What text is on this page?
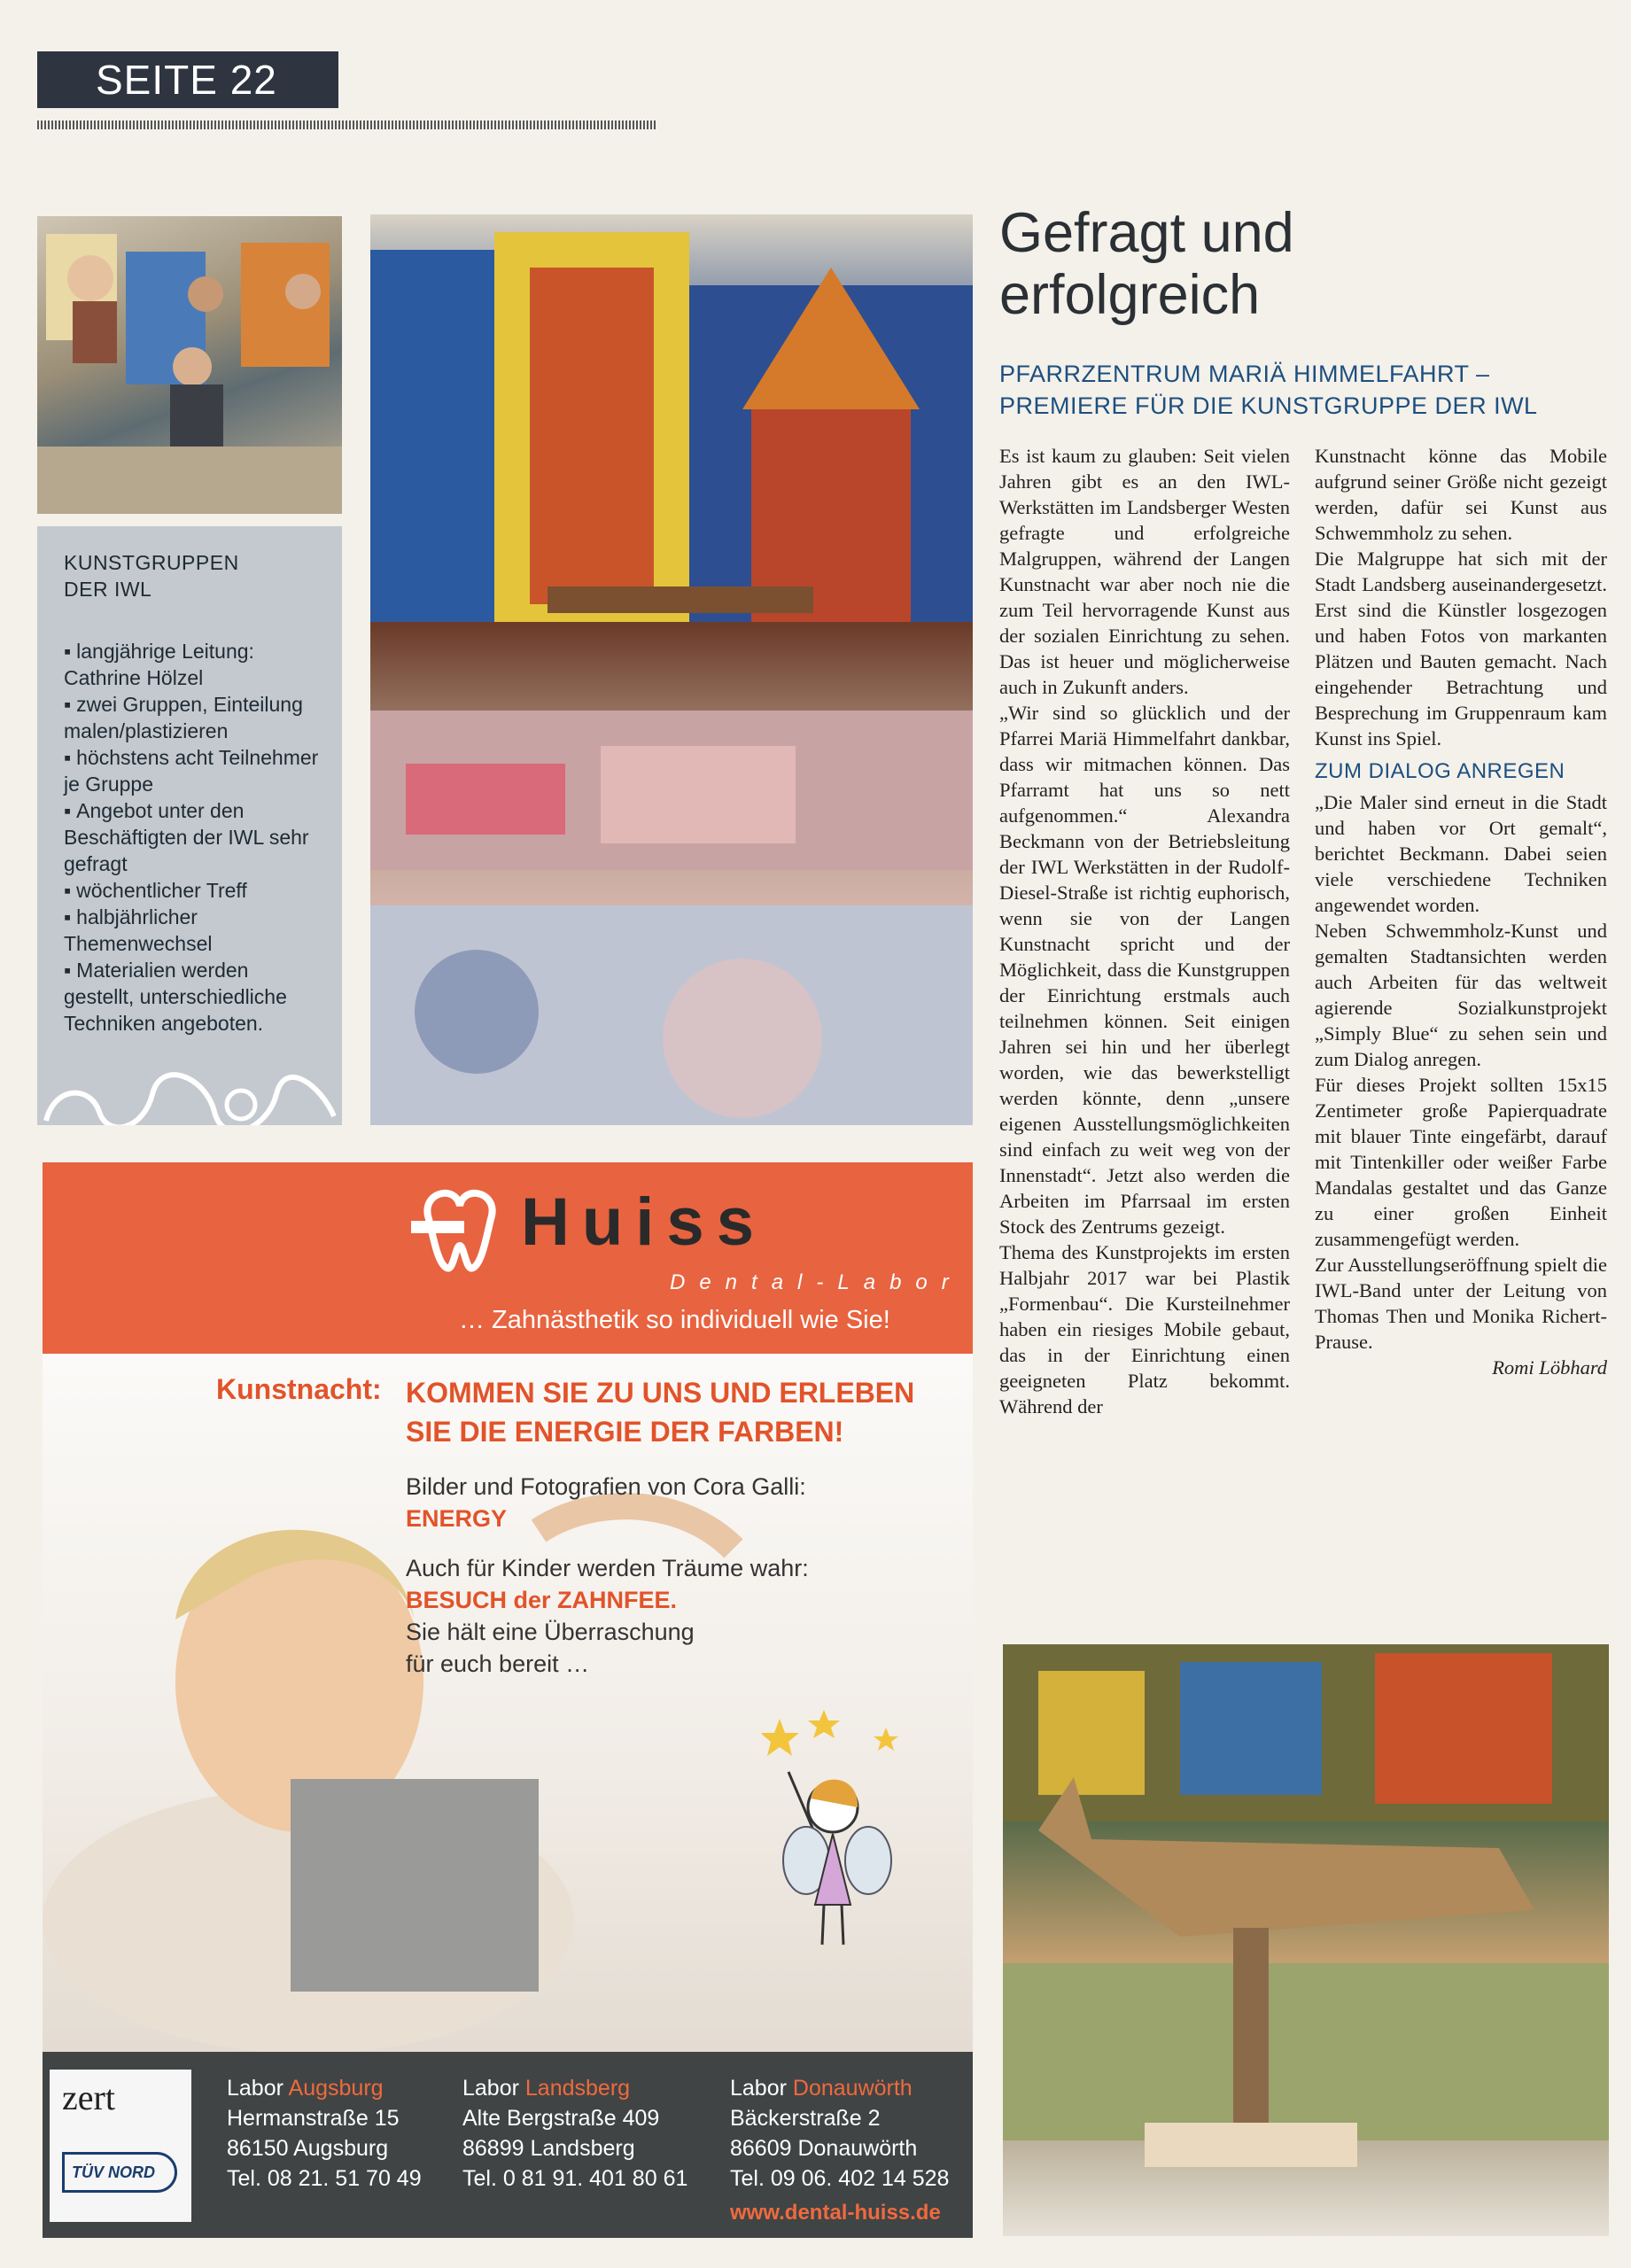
SEITE 22
KUNSTGRUPPEN
DER IWL
▪ langjährige Leitung: Cathrine Hölzel
▪ zwei Gruppen, Einteilung malen/plastizieren
▪ höchstens acht Teilnehmer je Gruppe
▪ Angebot unter den Beschäftigten der IWL sehr gefragt
▪ wöchentlicher Treff
▪ halbjährlicher Themenwechsel
▪ Materialien werden gestellt, unterschiedliche Techniken angeboten.
Gefragt und
erfolgreich
PFARRZENTRUM MARIÄ HIMMELFAHRT –
PREMIERE FÜR DIE KUNSTGRUPPE DER IWL

Es ist kaum zu glauben: Seit vielen Jahren gibt es an den IWL-Werkstätten im Landsberger Westen gefragte und erfolgreiche Malgruppen, während der Langen Kunstnacht war aber noch nie die zum Teil hervorragende Kunst aus der sozialen Einrichtung zu sehen. Das ist heuer und möglicherweise auch in Zukunft anders.

„Wir sind so glücklich und der Pfarrei Mariä Himmelfahrt dankbar, dass wir mitmachen können. Das Pfarramt hat uns so nett aufgenommen.“ Alexandra Beckmann von der Betriebsleitung der IWL Werkstätten in der Rudolf-Diesel-Straße ist richtig euphorisch, wenn sie von der Langen Kunstnacht spricht und der Möglichkeit, dass die Kunstgruppen der Einrichtung erstmals auch teilnehmen können. Seit einigen Jahren sei hin und her überlegt worden, wie das bewerkstelligt werden könnte, denn „unsere eigenen Ausstellungsmöglichkeiten sind einfach zu weit weg von der Innenstadt“. Jetzt also werden die Arbeiten im Pfarrsaal im ersten Stock des Zentrums gezeigt.

Thema des Kunstprojekts im ersten Halbjahr 2017 war bei Plastik „Formenbau“. Die Kursteilnehmer haben ein riesiges Mobile gebaut, das in der Einrichtung einen geeigneten Platz bekommt. Während der

Kunstnacht könne das Mobile aufgrund seiner Größe nicht gezeigt werden, dafür sei Kunst aus Schwemmholz zu sehen.

Die Malgruppe hat sich mit der Stadt Landsberg auseinandergesetzt. Erst sind die Künstler losgezogen und haben Fotos von markanten Plätzen und Bauten gemacht. Nach eingehender Betrachtung und Besprechung im Gruppenraum kam Kunst ins Spiel.

ZUM DIALOG ANREGEN

„Die Maler sind erneut in die Stadt und haben vor Ort gemalt“, berichtet Beckmann. Dabei seien viele verschiedene Techniken angewendet worden.

Neben Schwemmholz-Kunst und gemalten Stadtansichten werden auch Arbeiten für das weltweit agierende Sozialkunstprojekt „Simply Blue“ zu sehen sein und zum Dialog anregen.

Für dieses Projekt sollten 15x15 Zentimeter große Papierquadrate mit blauer Tinte eingefärbt, darauf mit Tintenkiller oder weißer Farbe Mandalas gestaltet und das Ganze zu einer großen Einheit zusammengefügt werden.

Zur Ausstellungseröffnung spielt die IWL-Band unter der Leitung von Thomas Then und Monika Richert-Prause.

Romi Löbhard

Huiss
Dental-Labor
… Zahnästhetik so individuell wie Sie!
Kunstnacht: KOMMEN SIE ZU UNS UND ERLEBEN SIE DIE ENERGIE DER FARBEN!
Bilder und Fotografien von Cora Galli:
ENERGY
Auch für Kinder werden Träume wahr:
BESUCH der ZAHNFEE.
Sie hält eine Überraschung für euch bereit …
zert
TÜV NORD
Labor Augsburg
Hermanstraße 15
86150 Augsburg
Tel. 08 21. 51 70 49
Labor Landsberg
Alte Bergstraße 409
86899 Landsberg
Tel. 0 81 91. 401 80 61
Labor Donauwörth
Bäckerstraße 2
86609 Donauwörth
Tel. 09 06. 402 14 528
www.dental-huiss.de
